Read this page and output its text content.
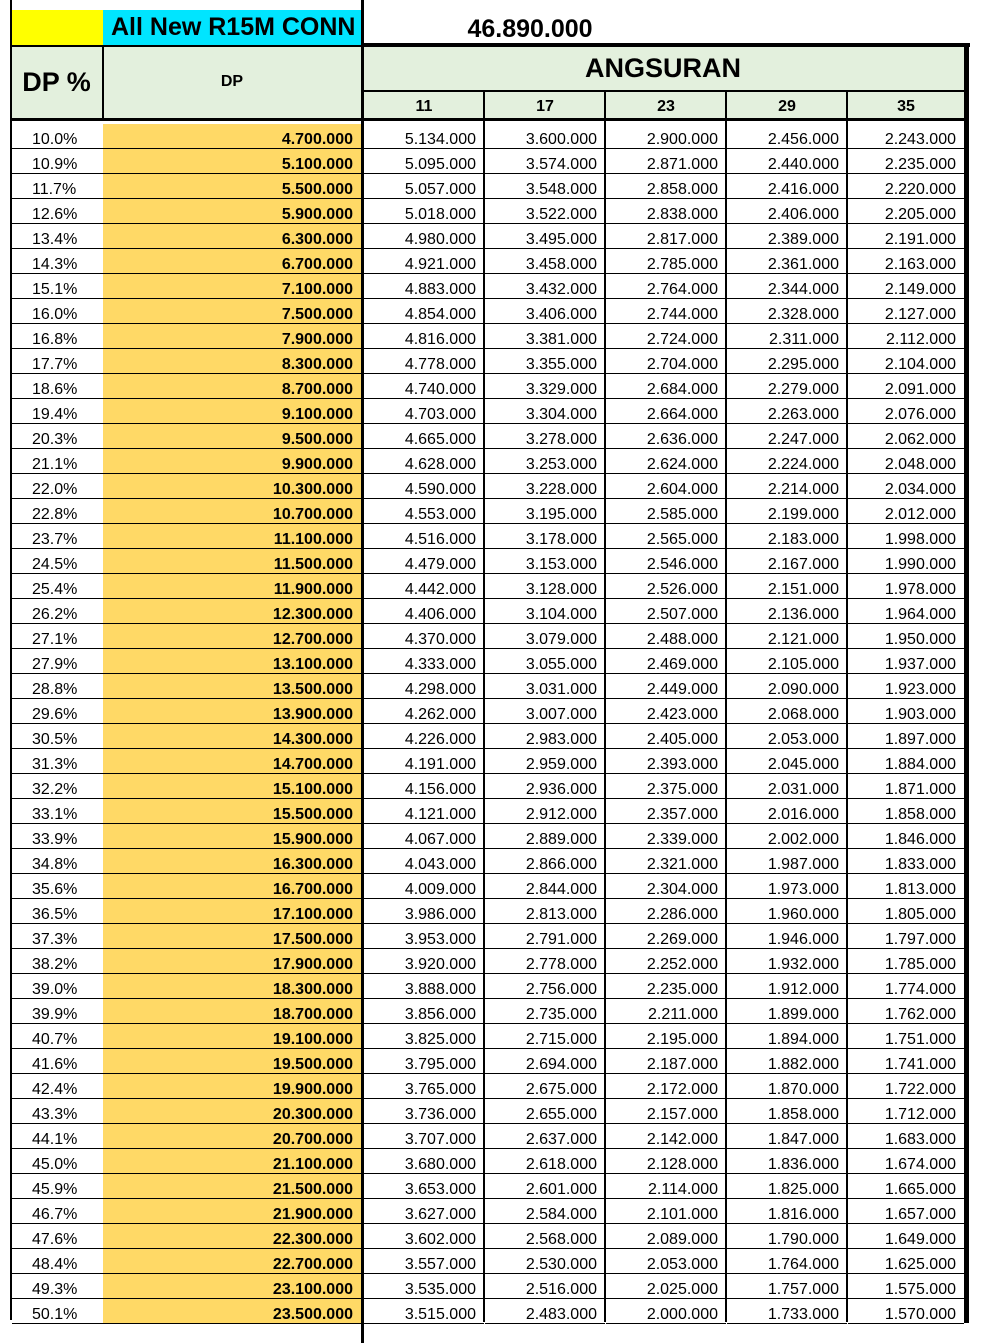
All New R15M CONN	46.890.000
DP %	DP	ANGSURAN
11	17	23	29	35
10.0%	4.700.000	5.134.000	3.600.000	2.900.000	2.456.000	2.243.000
10.9%	5.100.000	5.095.000	3.574.000	2.871.000	2.440.000	2.235.000
11.7%	5.500.000	5.057.000	3.548.000	2.858.000	2.416.000	2.220.000
12.6%	5.900.000	5.018.000	3.522.000	2.838.000	2.406.000	2.205.000
13.4%	6.300.000	4.980.000	3.495.000	2.817.000	2.389.000	2.191.000
14.3%	6.700.000	4.921.000	3.458.000	2.785.000	2.361.000	2.163.000
15.1%	7.100.000	4.883.000	3.432.000	2.764.000	2.344.000	2.149.000
16.0%	7.500.000	4.854.000	3.406.000	2.744.000	2.328.000	2.127.000
16.8%	7.900.000	4.816.000	3.381.000	2.724.000	2.311.000	2.112.000
17.7%	8.300.000	4.778.000	3.355.000	2.704.000	2.295.000	2.104.000
18.6%	8.700.000	4.740.000	3.329.000	2.684.000	2.279.000	2.091.000
19.4%	9.100.000	4.703.000	3.304.000	2.664.000	2.263.000	2.076.000
20.3%	9.500.000	4.665.000	3.278.000	2.636.000	2.247.000	2.062.000
21.1%	9.900.000	4.628.000	3.253.000	2.624.000	2.224.000	2.048.000
22.0%	10.300.000	4.590.000	3.228.000	2.604.000	2.214.000	2.034.000
22.8%	10.700.000	4.553.000	3.195.000	2.585.000	2.199.000	2.012.000
23.7%	11.100.000	4.516.000	3.178.000	2.565.000	2.183.000	1.998.000
24.5%	11.500.000	4.479.000	3.153.000	2.546.000	2.167.000	1.990.000
25.4%	11.900.000	4.442.000	3.128.000	2.526.000	2.151.000	1.978.000
26.2%	12.300.000	4.406.000	3.104.000	2.507.000	2.136.000	1.964.000
27.1%	12.700.000	4.370.000	3.079.000	2.488.000	2.121.000	1.950.000
27.9%	13.100.000	4.333.000	3.055.000	2.469.000	2.105.000	1.937.000
28.8%	13.500.000	4.298.000	3.031.000	2.449.000	2.090.000	1.923.000
29.6%	13.900.000	4.262.000	3.007.000	2.423.000	2.068.000	1.903.000
30.5%	14.300.000	4.226.000	2.983.000	2.405.000	2.053.000	1.897.000
31.3%	14.700.000	4.191.000	2.959.000	2.393.000	2.045.000	1.884.000
32.2%	15.100.000	4.156.000	2.936.000	2.375.000	2.031.000	1.871.000
33.1%	15.500.000	4.121.000	2.912.000	2.357.000	2.016.000	1.858.000
33.9%	15.900.000	4.067.000	2.889.000	2.339.000	2.002.000	1.846.000
34.8%	16.300.000	4.043.000	2.866.000	2.321.000	1.987.000	1.833.000
35.6%	16.700.000	4.009.000	2.844.000	2.304.000	1.973.000	1.813.000
36.5%	17.100.000	3.986.000	2.813.000	2.286.000	1.960.000	1.805.000
37.3%	17.500.000	3.953.000	2.791.000	2.269.000	1.946.000	1.797.000
38.2%	17.900.000	3.920.000	2.778.000	2.252.000	1.932.000	1.785.000
39.0%	18.300.000	3.888.000	2.756.000	2.235.000	1.912.000	1.774.000
39.9%	18.700.000	3.856.000	2.735.000	2.211.000	1.899.000	1.762.000
40.7%	19.100.000	3.825.000	2.715.000	2.195.000	1.894.000	1.751.000
41.6%	19.500.000	3.795.000	2.694.000	2.187.000	1.882.000	1.741.000
42.4%	19.900.000	3.765.000	2.675.000	2.172.000	1.870.000	1.722.000
43.3%	20.300.000	3.736.000	2.655.000	2.157.000	1.858.000	1.712.000
44.1%	20.700.000	3.707.000	2.637.000	2.142.000	1.847.000	1.683.000
45.0%	21.100.000	3.680.000	2.618.000	2.128.000	1.836.000	1.674.000
45.9%	21.500.000	3.653.000	2.601.000	2.114.000	1.825.000	1.665.000
46.7%	21.900.000	3.627.000	2.584.000	2.101.000	1.816.000	1.657.000
47.6%	22.300.000	3.602.000	2.568.000	2.089.000	1.790.000	1.649.000
48.4%	22.700.000	3.557.000	2.530.000	2.053.000	1.764.000	1.625.000
49.3%	23.100.000	3.535.000	2.516.000	2.025.000	1.757.000	1.575.000
50.1%	23.500.000	3.515.000	2.483.000	2.000.000	1.733.000	1.570.000
